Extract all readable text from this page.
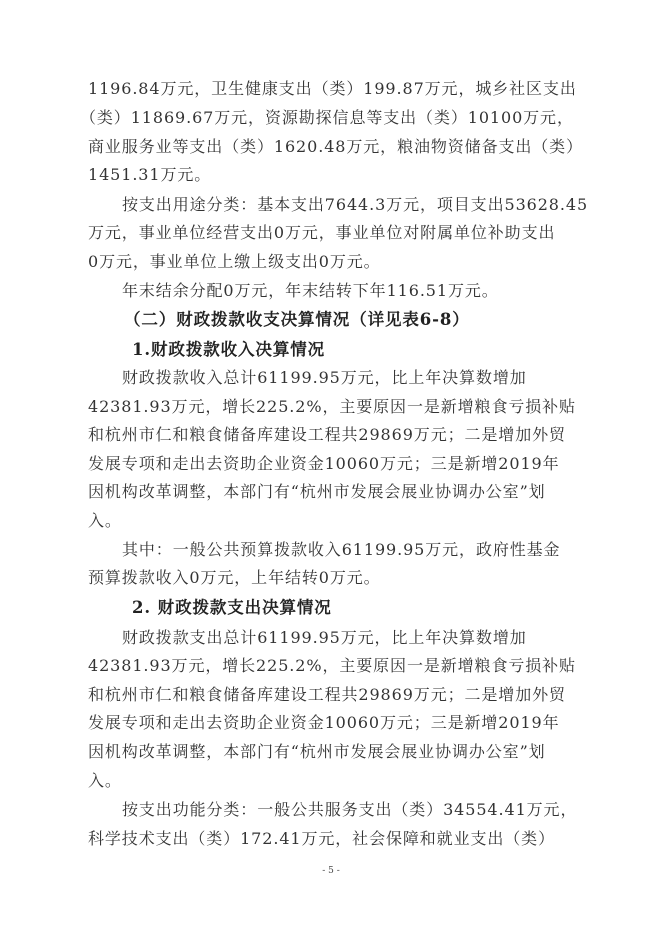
1196.84万元，卫生健康支出（类）199.87万元，城乡社区支出
（类）11869.67万元，资源勘探信息等支出（类）10100万元，
商业服务业等支出（类）1620.48万元，粮油物资储备支出（类）
1451.31万元。
按支出用途分类：基本支出7644.3万元，项目支出53628.45
万元，事业单位经营支出0万元，事业单位对附属单位补助支出
0万元，事业单位上缴上级支出0万元。
年末结余分配0万元，年末结转下年116.51万元。
（二）财政拨款收支决算情况（详见表6-8）
1.财政拨款收入决算情况
财政拨款收入总计61199.95万元，比上年决算数增加
42381.93万元，增长225.2%，主要原因一是新增粮食亏损补贴
和杭州市仁和粮食储备库建设工程共29869万元；二是增加外贸
发展专项和走出去资助企业资金10060万元；三是新增2019年
因机构改革调整，本部门有“杭州市发展会展业协调办公室”划
入。
其中：一般公共预算拨款收入61199.95万元，政府性基金
预算拨款收入0万元，上年结转0万元。
2. 财政拨款支出决算情况
财政拨款支出总计61199.95万元，比上年决算数增加
42381.93万元，增长225.2%，主要原因一是新增粮食亏损补贴
和杭州市仁和粮食储备库建设工程共29869万元；二是增加外贸
发展专项和走出去资助企业资金10060万元；三是新增2019年
因机构改革调整，本部门有“杭州市发展会展业协调办公室”划
入。
按支出功能分类：一般公共服务支出（类）34554.41万元，
科学技术支出（类）172.41万元，社会保障和就业支出（类）
- 5 -
